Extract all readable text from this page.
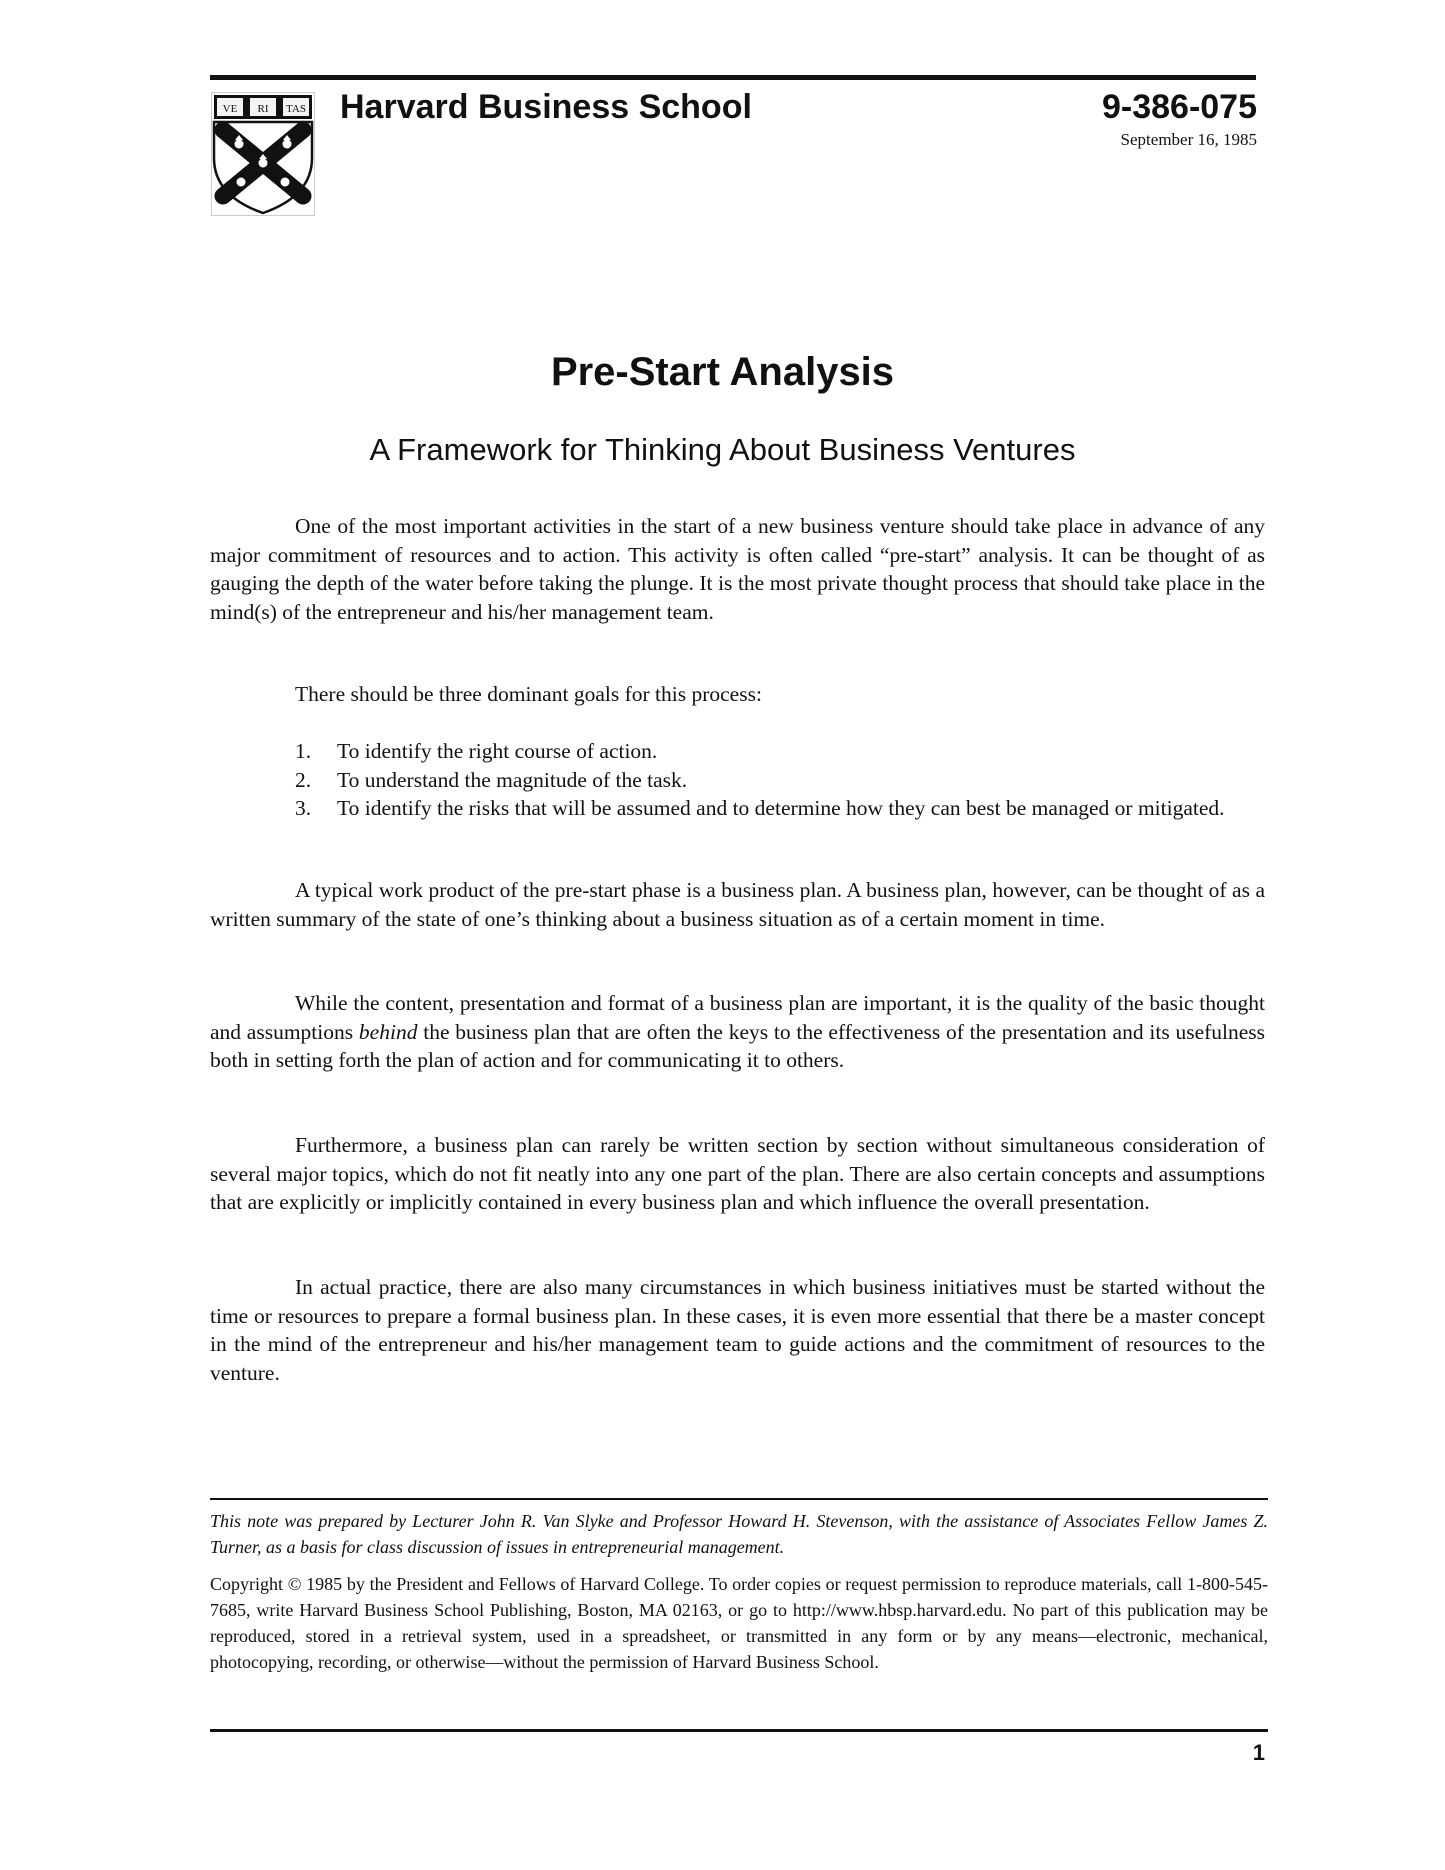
VE RI TAS Harvard Business School	9-386-075
September 16, 1985
Pre-Start Analysis
A Framework for Thinking About Business Ventures

One of the most important activities in the start of a new business venture should take place in advance of any major commitment of resources and to action. This activity is often called “pre-start” analysis. It can be thought of as gauging the depth of the water before taking the plunge. It is the most private thought process that should take place in the mind(s) of the entrepreneur and his/her management team.

There should be three dominant goals for this process:

1.	To identify the right course of action.
2.	To understand the magnitude of the task.
3.	To identify the risks that will be assumed and to determine how they can best be managed or mitigated.

A typical work product of the pre-start phase is a business plan. A business plan, however, can be thought of as a written summary of the state of one’s thinking about a business situation as of a certain moment in time.

While the content, presentation and format of a business plan are important, it is the quality of the basic thought and assumptions behind the business plan that are often the keys to the effectiveness of the presentation and its usefulness both in setting forth the plan of action and for communicating it to others.

Furthermore, a business plan can rarely be written section by section without simultaneous consideration of several major topics, which do not fit neatly into any one part of the plan. There are also certain concepts and assumptions that are explicitly or implicitly contained in every business plan and which influence the overall presentation.

In actual practice, there are also many circumstances in which business initiatives must be started without the time or resources to prepare a formal business plan. In these cases, it is even more essential that there be a master concept in the mind of the entrepreneur and his/her management team to guide actions and the commitment of resources to the venture.

This note was prepared by Lecturer John R. Van Slyke and Professor Howard H. Stevenson, with the assistance of Associates Fellow James Z. Turner, as a basis for class discussion of issues in entrepreneurial management.
Copyright © 1985 by the President and Fellows of Harvard College. To order copies or request permission to reproduce materials, call 1-800-545-7685, write Harvard Business School Publishing, Boston, MA 02163, or go to http://www.hbsp.harvard.edu. No part of this publication may be reproduced, stored in a retrieval system, used in a spreadsheet, or transmitted in any form or by any means—electronic, mechanical, photocopying, recording, or otherwise—without the permission of Harvard Business School.
1
